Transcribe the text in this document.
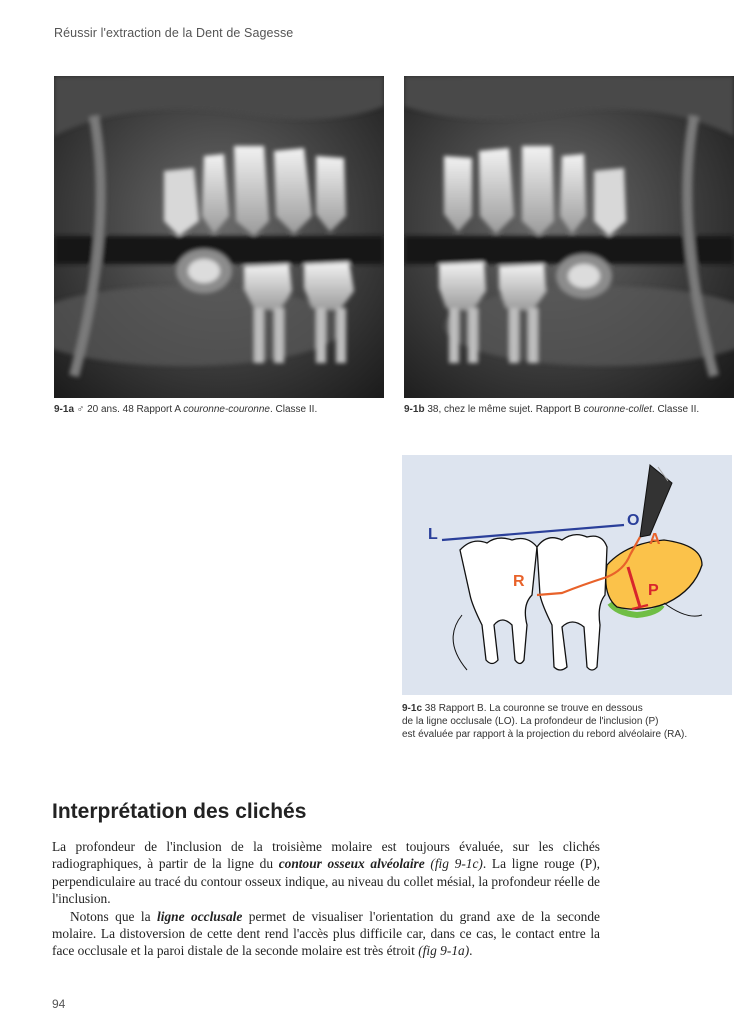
Réussir l'extraction de la Dent de Sagesse
9-1a ♂ 20 ans. 48 Rapport A couronne-couronne. Classe II.	9-1b 38, chez le même sujet. Rapport B couronne-collet. Classe II.
L
O
A
R
P
9-1c 38 Rapport B. La couronne se trouve en dessous
de la ligne occlusale (LO). La profondeur de l'inclusion (P)
est évaluée par rapport à la projection du rebord alvéolaire (RA).
Interprétation des clichés

La profondeur de l'inclusion de la troisième molaire est toujours évaluée, sur les clichés radiographiques, à partir de la ligne du contour osseux alvéolaire (fig 9-1c). La ligne rouge (P), perpendiculaire au tracé du contour osseux indique, au niveau du collet mésial, la profondeur réelle de l'inclusion.

Notons que la ligne occlusale permet de visualiser l'orientation du grand axe de la seconde molaire. La distoversion de cette dent rend l'accès plus difficile car, dans ce cas, le contact entre la face occlusale et la paroi distale de la seconde molaire est très étroit (fig 9-1a).

94
